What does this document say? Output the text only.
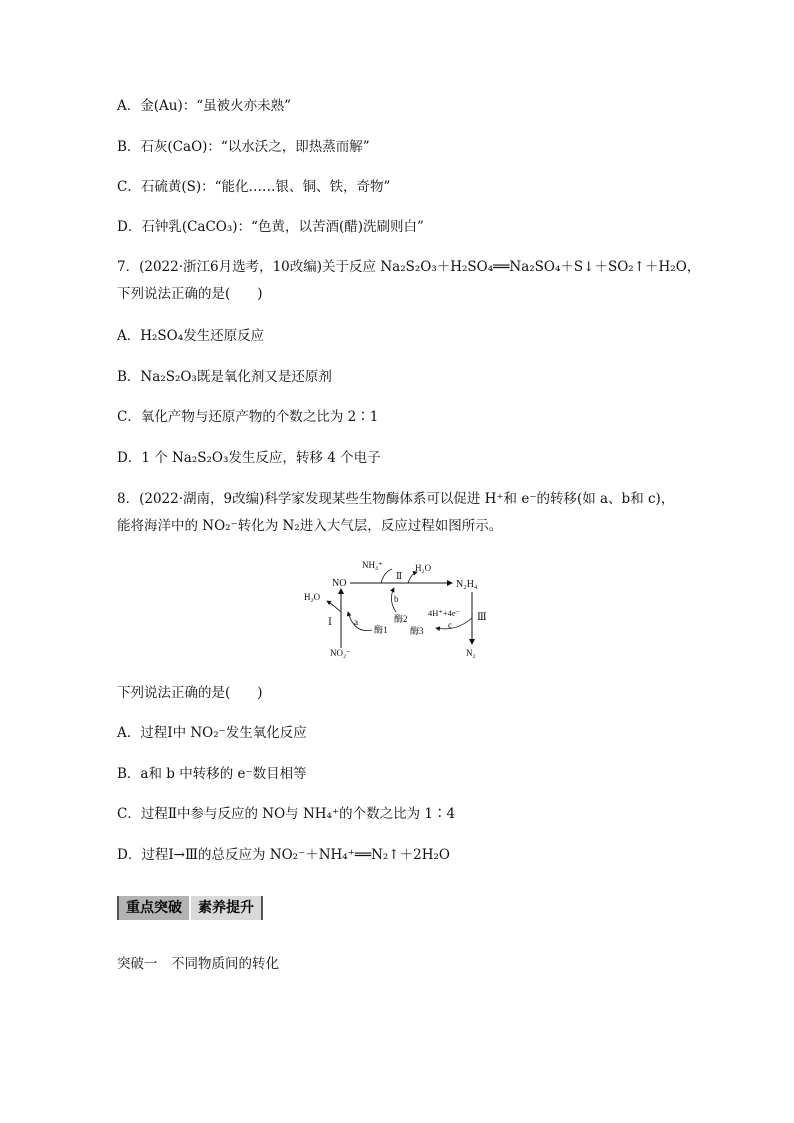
A．金(Au)：“虽被火亦未熟”
B．石灰(CaO)：“以水沃之，即热蒸而解”
C．石硫黄(S)：“能化……银、铜、铁，奇物”
D．石钟乳(CaCO₃)：“色黄，以苦酒(醋)洗刷则白”
7．(2022·浙江6月选考，10改编)关于反应 Na₂S₂O₃＋H₂SO₄══Na₂SO₄＋S↓＋SO₂↑＋H₂O，
下列说法正确的是(　　)
A．H₂SO₄发生还原反应
B．Na₂S₂O₃既是氧化剂又是还原剂
C．氧化产物与还原产物的个数之比为 2∶1
D．1 个 Na₂S₂O₃发生反应，转移 4 个电子
8．(2022·湖南，9改编)科学家发现某些生物酶体系可以促进 H⁺和 e⁻的转移(如 a、b和 c)，
能将海洋中的 NO₂⁻转化为 N₂进入大气层，反应过程如图所示。
NO
NH₄⁺	H₂O
Ⅱ
N₂H₄
H₂O
Ⅰ
NO₂⁻
a
酶1
b
酶2
酶3
4H⁺+4e⁻
c
Ⅲ
N₂
下列说法正确的是(　　)
A．过程Ⅰ中 NO₂⁻发生氧化反应
B．a和 b 中转移的 e⁻数目相等
C．过程Ⅱ中参与反应的 NO与 NH₄⁺的个数之比为 1∶4
D．过程Ⅰ→Ⅲ的总反应为 NO₂⁻＋NH₄⁺══N₂↑＋2H₂O
重点突破	素养提升
突破一　不同物质间的转化
